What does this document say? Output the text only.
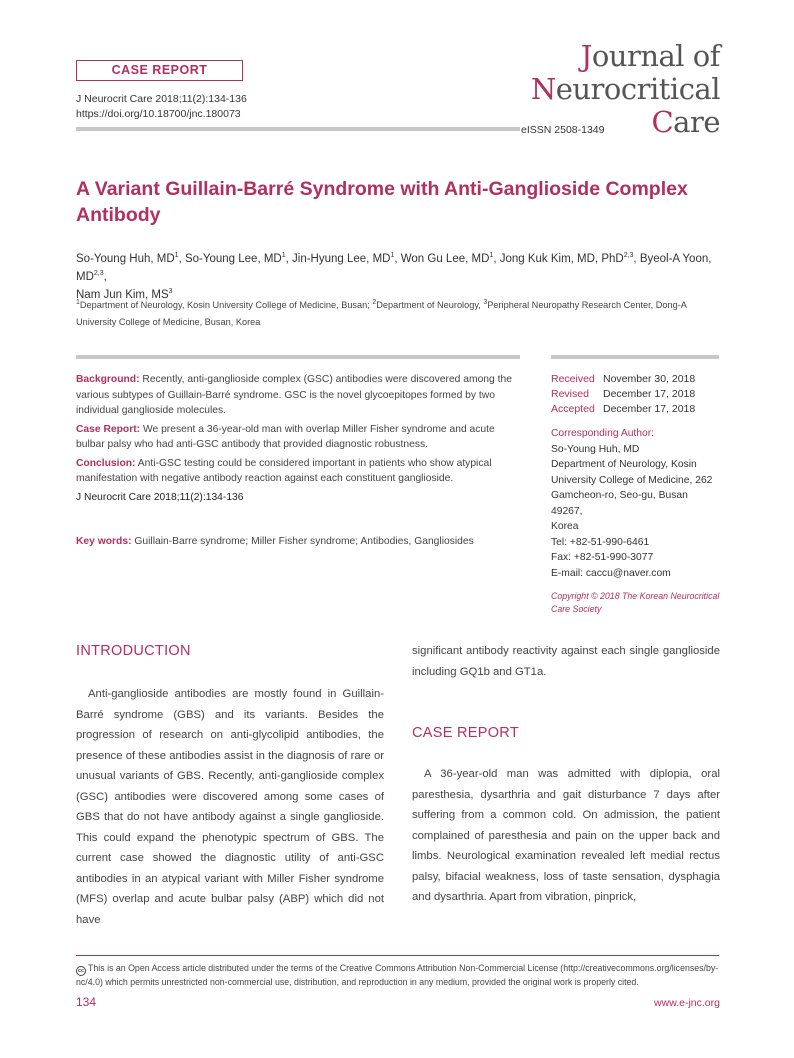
CASE REPORT
J Neurocrit Care 2018;11(2):134-136
https://doi.org/10.18700/jnc.180073
eISSN 2508-1349
Journal of
Neurocritical
Care
A Variant Guillain-Barré Syndrome with Anti-Ganglioside Complex Antibody
So-Young Huh, $MD^1$, So-Young Lee, $MD^1$, Jin-Hyung Lee, $MD^1$, Won Gu Lee, $MD^1$, Jong Kuk Kim, MD, PhD$^{2,3}$, Byeol-A Yoon, MD$^{2,3}$,
Nam Jun Kim, $MS^3$
$^1$Department of Neurology, Kosin University College of Medicine, Busan; $^2$Department of Neurology, $^3$Peripheral Neuropathy Research Center, Dong-A University College of Medicine, Busan, Korea

Background: Recently, anti-ganglioside complex (GSC) antibodies were discovered among the various subtypes of Guillain-Barré syndrome. GSC is the novel glycoepitopes formed by two individual ganglioside molecules.

Case Report: We present a 36-year-old man with overlap Miller Fisher syndrome and acute bulbar palsy who had anti-GSC antibody that provided diagnostic robustness.

Conclusion: Anti-GSC testing could be considered important in patients who show atypical manifestation with negative antibody reaction against each constituent ganglioside.

J Neurocrit Care 2018;11(2):134-136

Key words: Guillain-Barre syndrome; Miller Fisher syndrome; Antibodies, Gangliosides
Received November 30, 2018
Revised December 17, 2018
Accepted December 17, 2018
Corresponding Author:
So-Young Huh, MD
Department of Neurology, Kosin
University College of Medicine, 262
Gamcheon-ro, Seo-gu, Busan 49267,
Korea
Tel: +82-51-990-6461
Fax: +82-51-990-3077
E-mail: caccu@naver.com
Copyright © 2018 The Korean Neurocritical Care Society
INTRODUCTION
Anti-ganglioside antibodies are mostly found in Guillain-Barré syndrome (GBS) and its variants. Besides the progression of research on anti-glycolipid antibodies, the presence of these antibodies assist in the diagnosis of rare or unusual variants of GBS. Recently, anti-ganglioside complex (GSC) antibodies were discovered among some cases of GBS that do not have antibody against a single ganglioside. This could expand the phenotypic spectrum of GBS. The current case showed the diagnostic utility of anti-GSC antibodies in an atypical variant with Miller Fisher syndrome (MFS) overlap and acute bulbar palsy (ABP) which did not have
significant antibody reactivity against each single ganglioside including GQ1b and GT1a.
CASE REPORT
A 36-year-old man was admitted with diplopia, oral paresthesia, dysarthria and gait disturbance 7 days after suffering from a common cold. On admission, the patient complained of paresthesia and pain on the upper back and limbs. Neurological examination revealed left medial rectus palsy, bifacial weakness, loss of taste sensation, dysphagia and dysarthria. Apart from vibration, pinprick,
cc This is an Open Access article distributed under the terms of the Creative Commons Attribution Non-Commercial License (http://creativecommons.org/licenses/by-nc/4.0) which permits unrestricted non-commercial use, distribution, and reproduction in any medium, provided the original work is properly cited.
134	www.e-jnc.org
